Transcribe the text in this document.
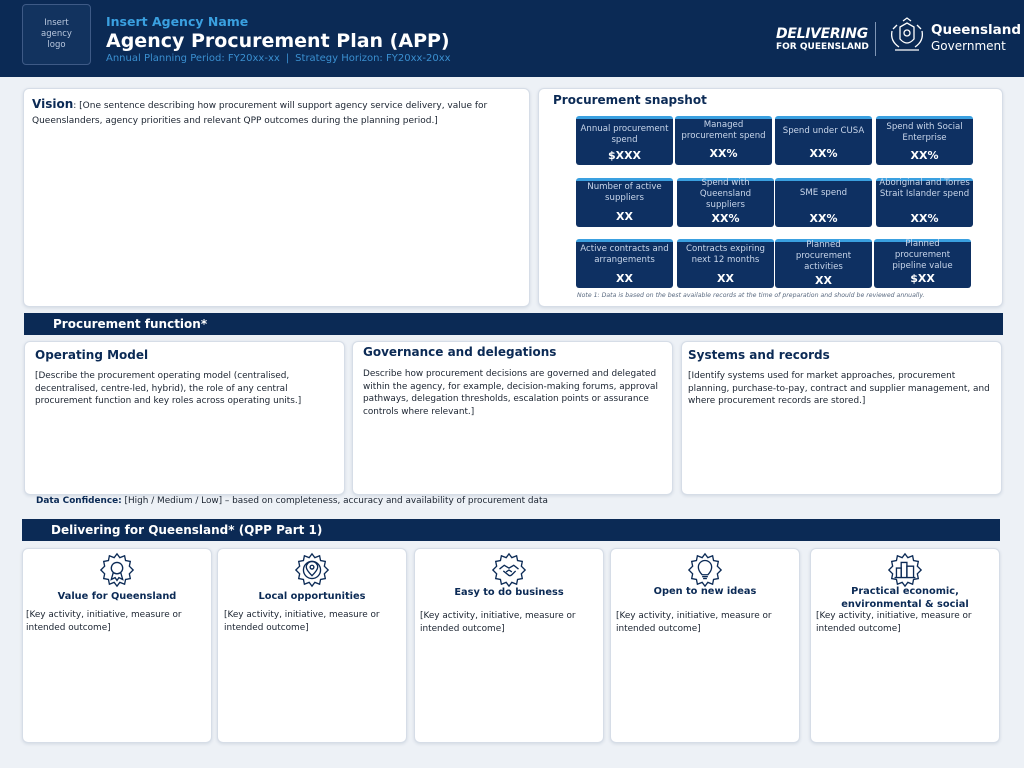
Insert agency logo
Insert Agency Name
Agency Procurement Plan (APP)
Annual Planning Period: FY20xx-xx | Strategy Horizon: FY20xx-20xx
DELIVERING
FOR QUEENSLAND
Queensland
Government
Vision: [One sentence describing how procurement will support agency service delivery, value for Queenslanders, agency priorities and relevant QPP outcomes during the planning period.]
Procurement snapshot
Annual procurement spend
$XXX
Managed procurement spend
XX%
Spend under CUSA
XX%
Spend with Social Enterprise
XX%
Number of active suppliers
XX
Spend with Queensland suppliers
XX%
SME spend
XX%
Aboriginal and Torres Strait Islander spend
XX%
Active contracts and arrangements
XX
Contracts expiring next 12 months
XX
Planned procurement activities
XX
Planned procurement pipeline value
$XX
Note 1: Data is based on the best available records at the time of preparation and should be reviewed annually.
Procurement function*
Operating Model

[Describe the procurement operating model (centralised, decentralised, centre-led, hybrid), the role of any central procurement function and key roles across operating units.]

Governance and delegations

Describe how procurement decisions are governed and delegated within the agency, for example, decision-making forums, approval pathways, delegation thresholds, escalation points or assurance controls where relevant.]

Systems and records

[Identify systems used for market approaches, procurement planning, purchase-to-pay, contract and supplier management, and where procurement records are stored.]

Data Confidence: [High / Medium / Low] – based on completeness, accuracy and availability of procurement data
Delivering for Queensland* (QPP Part 1)
Value for Queensland
[Key activity, initiative, measure or intended outcome]
Local opportunities
[Key activity, initiative, measure or intended outcome]
Easy to do business
[Key activity, initiative, measure or intended outcome]
Open to new ideas
[Key activity, initiative, measure or intended outcome]
Practical economic, environmental & social
[Key activity, initiative, measure or intended outcome]
